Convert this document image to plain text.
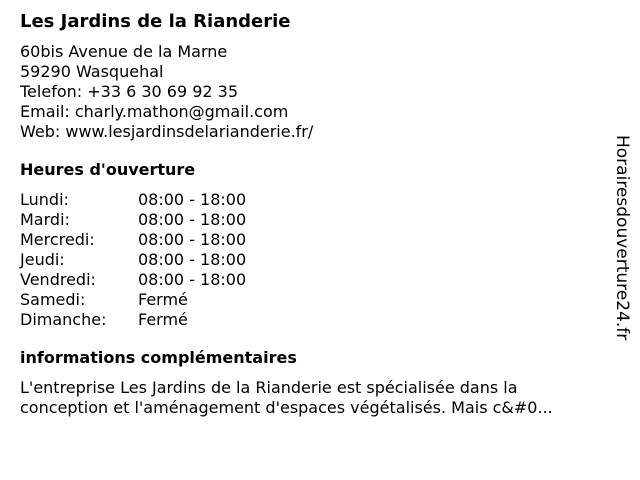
Les Jardins de la Rianderie
60bis Avenue de la Marne
59290 Wasquehal
Telefon: +33 6 30 69 92 35
Email: charly.mathon@gmail.com
Web: www.lesjardinsdelarianderie.fr/
Heures d'ouverture
Lundi:	08:00 - 18:00
Mardi:	08:00 - 18:00
Mercredi:	08:00 - 18:00
Jeudi:	08:00 - 18:00
Vendredi:	08:00 - 18:00
Samedi:	Fermé
Dimanche:	Fermé
informations complémentaires
L'entreprise Les Jardins de la Rianderie est spécialisée dans la conception et l'aménagement d'espaces végétalisés. Mais c&#0...
Horairesdouverture24.fr
